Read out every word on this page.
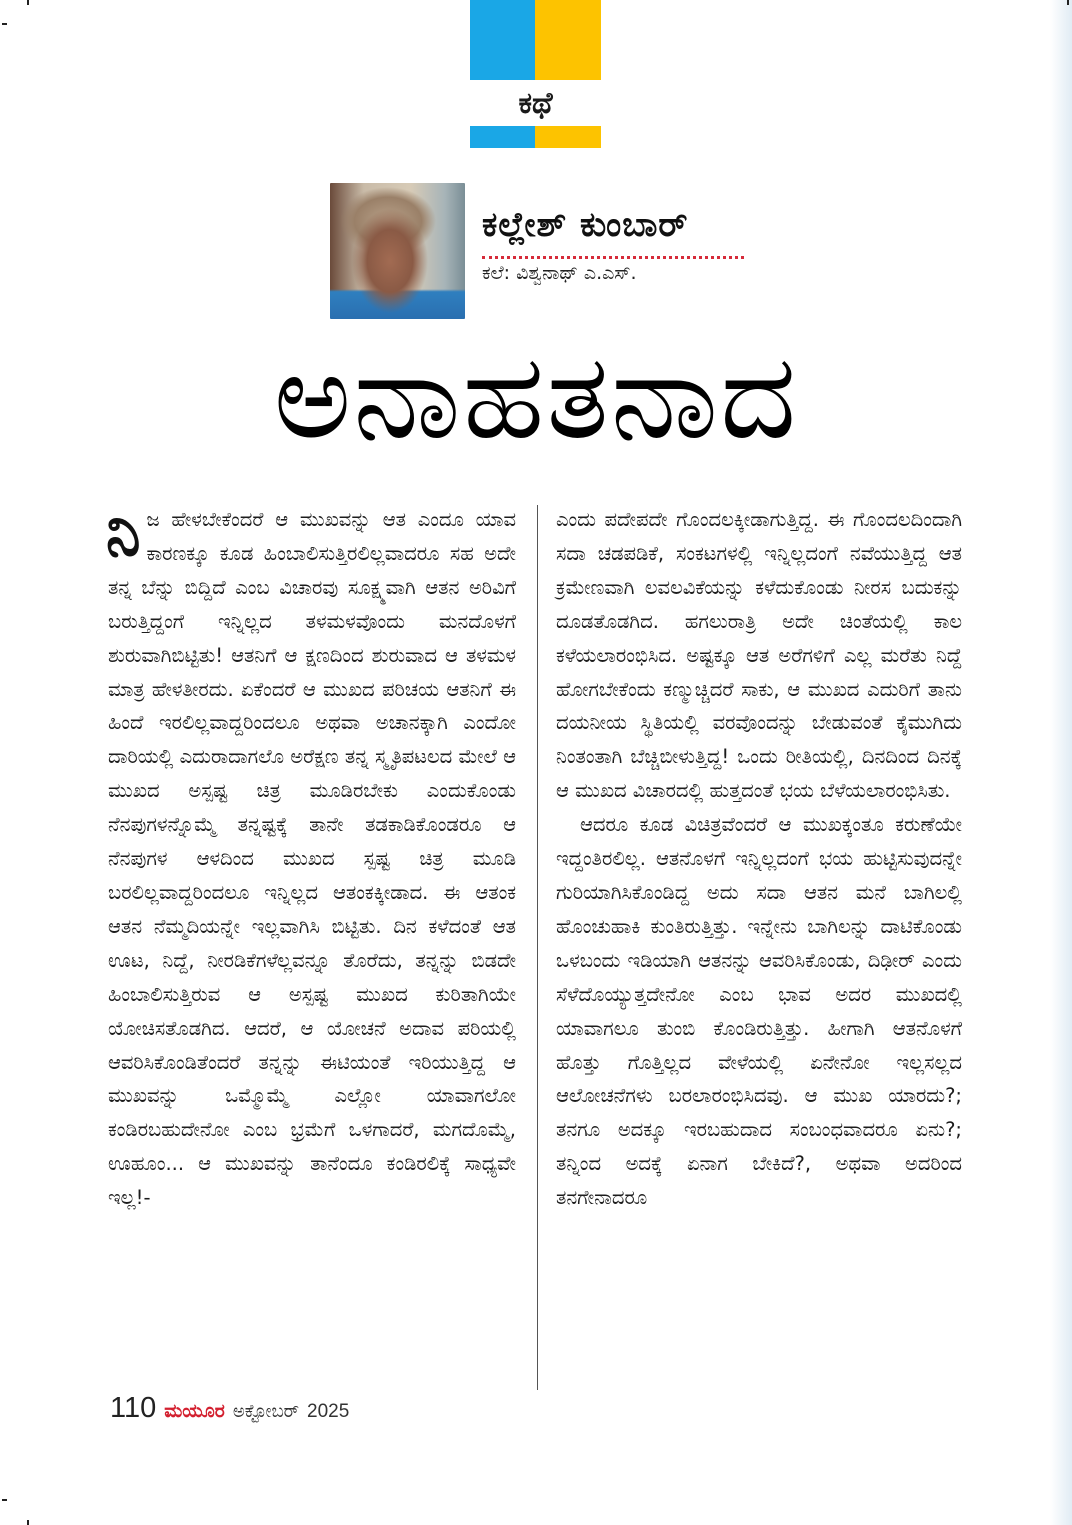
ಕಥೆ
ಕಲ್ಲೇಶ್ ಕುಂಬಾರ್
ಕಲೆ: ವಿಶ್ವನಾಥ್ ಎ.ಎಸ್.
ಅನಾಹತನಾದ

ನಿಜ ಹೇಳಬೇಕೆಂದರೆ ಆ ಮುಖವನ್ನು ಆತ ಎಂದೂ ಯಾವ ಕಾರಣಕ್ಕೂ ಕೂಡ ಹಿಂಬಾಲಿಸುತ್ತಿರಲಿಲ್ಲವಾದರೂ ಸಹ ಅದೇ ತನ್ನ ಬೆನ್ನು ಬಿದ್ದಿದೆ ಎಂಬ ವಿಚಾರವು ಸೂಕ್ಷ್ಮವಾಗಿ ಆತನ ಅರಿವಿಗೆ ಬರುತ್ತಿದ್ದಂಗೆ ಇನ್ನಿಲ್ಲದ ತಳಮಳವೊಂದು ಮನದೊಳಗೆ ಶುರುವಾಗಿಬಿಟ್ಟಿತು! ಆತನಿಗೆ ಆ ಕ್ಷಣದಿಂದ ಶುರುವಾದ ಆ ತಳಮಳ ಮಾತ್ರ ಹೇಳತೀರದು. ಏಕೆಂದರೆ ಆ ಮುಖದ ಪರಿಚಯ ಆತನಿಗೆ ಈ ಹಿಂದೆ ಇರಲಿಲ್ಲವಾದ್ದರಿಂದಲೂ ಅಥವಾ ಅಚಾನಕ್ಕಾಗಿ ಎಂದೋ ದಾರಿಯಲ್ಲಿ ಎದುರಾದಾಗಲೊ ಅರೆಕ್ಷಣ ತನ್ನ ಸ್ಮೃತಿಪಟಲದ ಮೇಲೆ ಆ ಮುಖದ ಅಸ್ಪಷ್ಟ ಚಿತ್ರ ಮೂಡಿರಬೇಕು ಎಂದುಕೊಂಡು ನೆನಪುಗಳನ್ನೊಮ್ಮೆ ತನ್ನಷ್ಟಕ್ಕೆ ತಾನೇ ತಡಕಾಡಿಕೊಂಡರೂ ಆ ನೆನಪುಗಳ ಆಳದಿಂದ ಮುಖದ ಸ್ಪಷ್ಟ ಚಿತ್ರ ಮೂಡಿ ಬರಲಿಲ್ಲವಾದ್ದರಿಂದಲೂ ಇನ್ನಿಲ್ಲದ ಆತಂಕಕ್ಕೀಡಾದ. ಈ ಆತಂಕ ಆತನ ನೆಮ್ಮದಿಯನ್ನೇ ಇಲ್ಲವಾಗಿಸಿ ಬಿಟ್ಟಿತು. ದಿನ ಕಳೆದಂತೆ ಆತ ಊಟ, ನಿದ್ದೆ, ನೀರಡಿಕೆಗಳೆಲ್ಲವನ್ನೂ ತೊರೆದು, ತನ್ನನ್ನು ಬಿಡದೇ ಹಿಂಬಾಲಿಸುತ್ತಿರುವ ಆ ಅಸ್ಪಷ್ಟ ಮುಖದ ಕುರಿತಾಗಿಯೇ ಯೋಚಿಸತೊಡಗಿದ. ಆದರೆ, ಆ ಯೋಚನೆ ಅದಾವ ಪರಿಯಲ್ಲಿ ಆವರಿಸಿಕೊಂಡಿತೆಂದರೆ ತನ್ನನ್ನು ಈಟಿಯಂತೆ ಇರಿಯುತ್ತಿದ್ದ ಆ ಮುಖವನ್ನು ಒಮ್ಮೊಮ್ಮೆ ಎಲ್ಲೋ ಯಾವಾಗಲೋ ಕಂಡಿರಬಹುದೇನೋ ಎಂಬ ಭ್ರಮೆಗೆ ಒಳಗಾದರೆ, ಮಗದೊಮ್ಮೆ, ಊಹೂಂ... ಆ ಮುಖವನ್ನು ತಾನೆಂದೂ ಕಂಡಿರಲಿಕ್ಕೆ ಸಾಧ್ಯವೇ ಇಲ್ಲ!-

ಎಂದು ಪದೇಪದೇ ಗೊಂದಲಕ್ಕೀಡಾಗುತ್ತಿದ್ದ. ಈ ಗೊಂದಲದಿಂದಾಗಿ ಸದಾ ಚಡಪಡಿಕೆ, ಸಂಕಟಗಳಲ್ಲಿ ಇನ್ನಿಲ್ಲದಂಗೆ ನವೆಯುತ್ತಿದ್ದ ಆತ ಕ್ರಮೇಣವಾಗಿ ಲವಲವಿಕೆಯನ್ನು ಕಳೆದುಕೊಂಡು ನೀರಸ ಬದುಕನ್ನು ದೂಡತೊಡಗಿದ. ಹಗಲುರಾತ್ರಿ ಅದೇ ಚಿಂತೆಯಲ್ಲಿ ಕಾಲ ಕಳೆಯಲಾರಂಭಿಸಿದ. ಅಷ್ಟಕ್ಕೂ ಆತ ಅರೆಗಳಿಗೆ ಎಲ್ಲ ಮರೆತು ನಿದ್ದೆ ಹೋಗಬೇಕೆಂದು ಕಣ್ಮುಚ್ಚಿದರೆ ಸಾಕು, ಆ ಮುಖದ ಎದುರಿಗೆ ತಾನು ದಯನೀಯ ಸ್ಥಿತಿಯಲ್ಲಿ ವರವೊಂದನ್ನು ಬೇಡುವಂತೆ ಕೈಮುಗಿದು ನಿಂತಂತಾಗಿ ಬೆಚ್ಚಿಬೀಳುತ್ತಿದ್ದ! ಒಂದು ರೀತಿಯಲ್ಲಿ, ದಿನದಿಂದ ದಿನಕ್ಕೆ ಆ ಮುಖದ ವಿಚಾರದಲ್ಲಿ ಹುತ್ತದಂತೆ ಭಯ ಬೆಳೆಯಲಾರಂಭಿಸಿತು.

ಆದರೂ ಕೂಡ ವಿಚಿತ್ರವೆಂದರೆ ಆ ಮುಖಕ್ಕಂತೂ ಕರುಣೆಯೇ ಇದ್ದಂತಿರಲಿಲ್ಲ. ಆತನೊಳಗೆ ಇನ್ನಿಲ್ಲದಂಗೆ ಭಯ ಹುಟ್ಟಿಸುವುದನ್ನೇ ಗುರಿಯಾಗಿಸಿಕೊಂಡಿದ್ದ ಅದು ಸದಾ ಆತನ ಮನೆ ಬಾಗಿಲಲ್ಲಿ ಹೊಂಚುಹಾಕಿ ಕುಂತಿರುತ್ತಿತ್ತು. ಇನ್ನೇನು ಬಾಗಿಲನ್ನು ದಾಟಿಕೊಂಡು ಒಳಬಂದು ಇಡಿಯಾಗಿ ಆತನನ್ನು ಆವರಿಸಿಕೊಂಡು, ದಿಢೀರ್ ಎಂದು ಸೆಳೆದೊಯ್ಯುತ್ತದೇನೋ ಎಂಬ ಭಾವ ಅದರ ಮುಖದಲ್ಲಿ ಯಾವಾಗಲೂ ತುಂಬಿ ಕೊಂಡಿರುತ್ತಿತ್ತು. ಹೀಗಾಗಿ ಆತನೊಳಗೆ ಹೊತ್ತು ಗೊತ್ತಿಲ್ಲದ ವೇಳೆಯಲ್ಲಿ ಏನೇನೋ ಇಲ್ಲಸಲ್ಲದ ಆಲೋಚನೆಗಳು ಬರಲಾರಂಭಿಸಿದವು. ಆ ಮುಖ ಯಾರದು?; ತನಗೂ ಅದಕ್ಕೂ ಇರಬಹುದಾದ ಸಂಬಂಧವಾದರೂ ಏನು?; ತನ್ನಿಂದ ಅದಕ್ಕೆ ಏನಾಗ ಬೇಕಿದೆ?, ಅಥವಾ ಅದರಿಂದ ತನಗೇನಾದರೂ

110 ಮಯೂರ ಅಕ್ಟೋಬರ್ 2025
